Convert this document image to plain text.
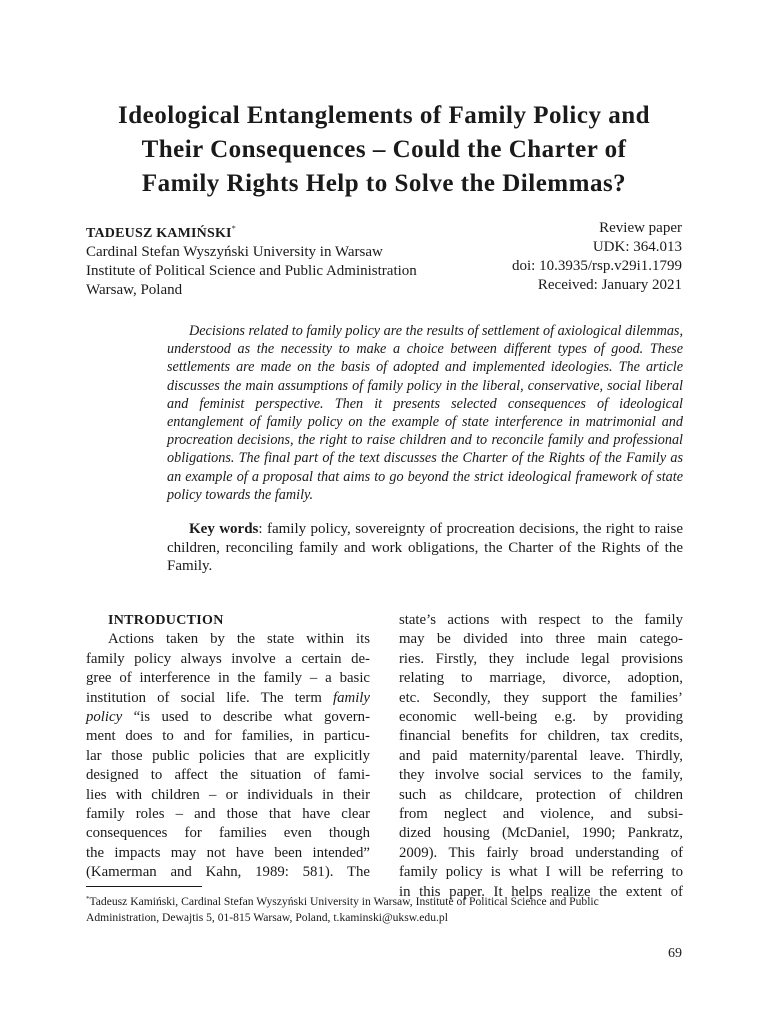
Ideological Entanglements of Family Policy and
Their Consequences – Could the Charter of
Family Rights Help to Solve the Dilemmas?
TADEUSZ KAMIŃSKI*
Cardinal Stefan Wyszyński University in Warsaw
Institute of Political Science and Public Administration
Warsaw, Poland
Review paper
UDK: 364.013
doi: 10.3935/rsp.v29i1.1799
Received: January 2021

Decisions related to family policy are the results of settlement of axiological dilemmas, understood as the necessity to make a choice between different types of good. These settlements are made on the basis of adopted and implemented ideologies. The article discusses the main assumptions of family policy in the liberal, conservative, social liberal and feminist perspective. Then it presents selected consequences of ideological entanglement of family policy on the example of state interference in matrimonial and procreation decisions, the right to raise children and to reconcile family and professional obligations. The final part of the text discusses the Charter of the Rights of the Family as an example of a proposal that aims to go beyond the strict ideological framework of state policy towards the family.

Key words: family policy, sovereignty of procreation decisions, the right to raise children, reconciling family and work obligations, the Charter of the Rights of the Family.

INTRODUCTION
Actions taken by the state within its
family policy always involve a certain de-
gree of interference in the family – a basic
institution of social life. The term family
policy “is used to describe what govern-
ment does to and for families, in particu-
lar those public policies that are explicitly
designed to affect the situation of fami-
lies with children – or individuals in their
family roles – and those that have clear
consequences for families even though
the impacts may not have been intended”
(Kamerman and Kahn, 1989: 581). The
state’s actions with respect to the family
may be divided into three main catego-
ries. Firstly, they include legal provisions
relating to marriage, divorce, adoption,
etc. Secondly, they support the families’
economic well-being e.g. by providing
financial benefits for children, tax credits,
and paid maternity/parental leave. Thirdly,
they involve social services to the family,
such as childcare, protection of children
from neglect and violence, and subsi-
dized housing (McDaniel, 1990; Pankratz,
2009). This fairly broad understanding of
family policy is what I will be referring to
in this paper. It helps realize the extent of
*Tadeusz Kamiński, Cardinal Stefan Wyszyński University in Warsaw, Institute of Political Science and Public
Administration, Dewajtis 5, 01-815 Warsaw, Poland, t.kaminski@uksw.edu.pl
69
